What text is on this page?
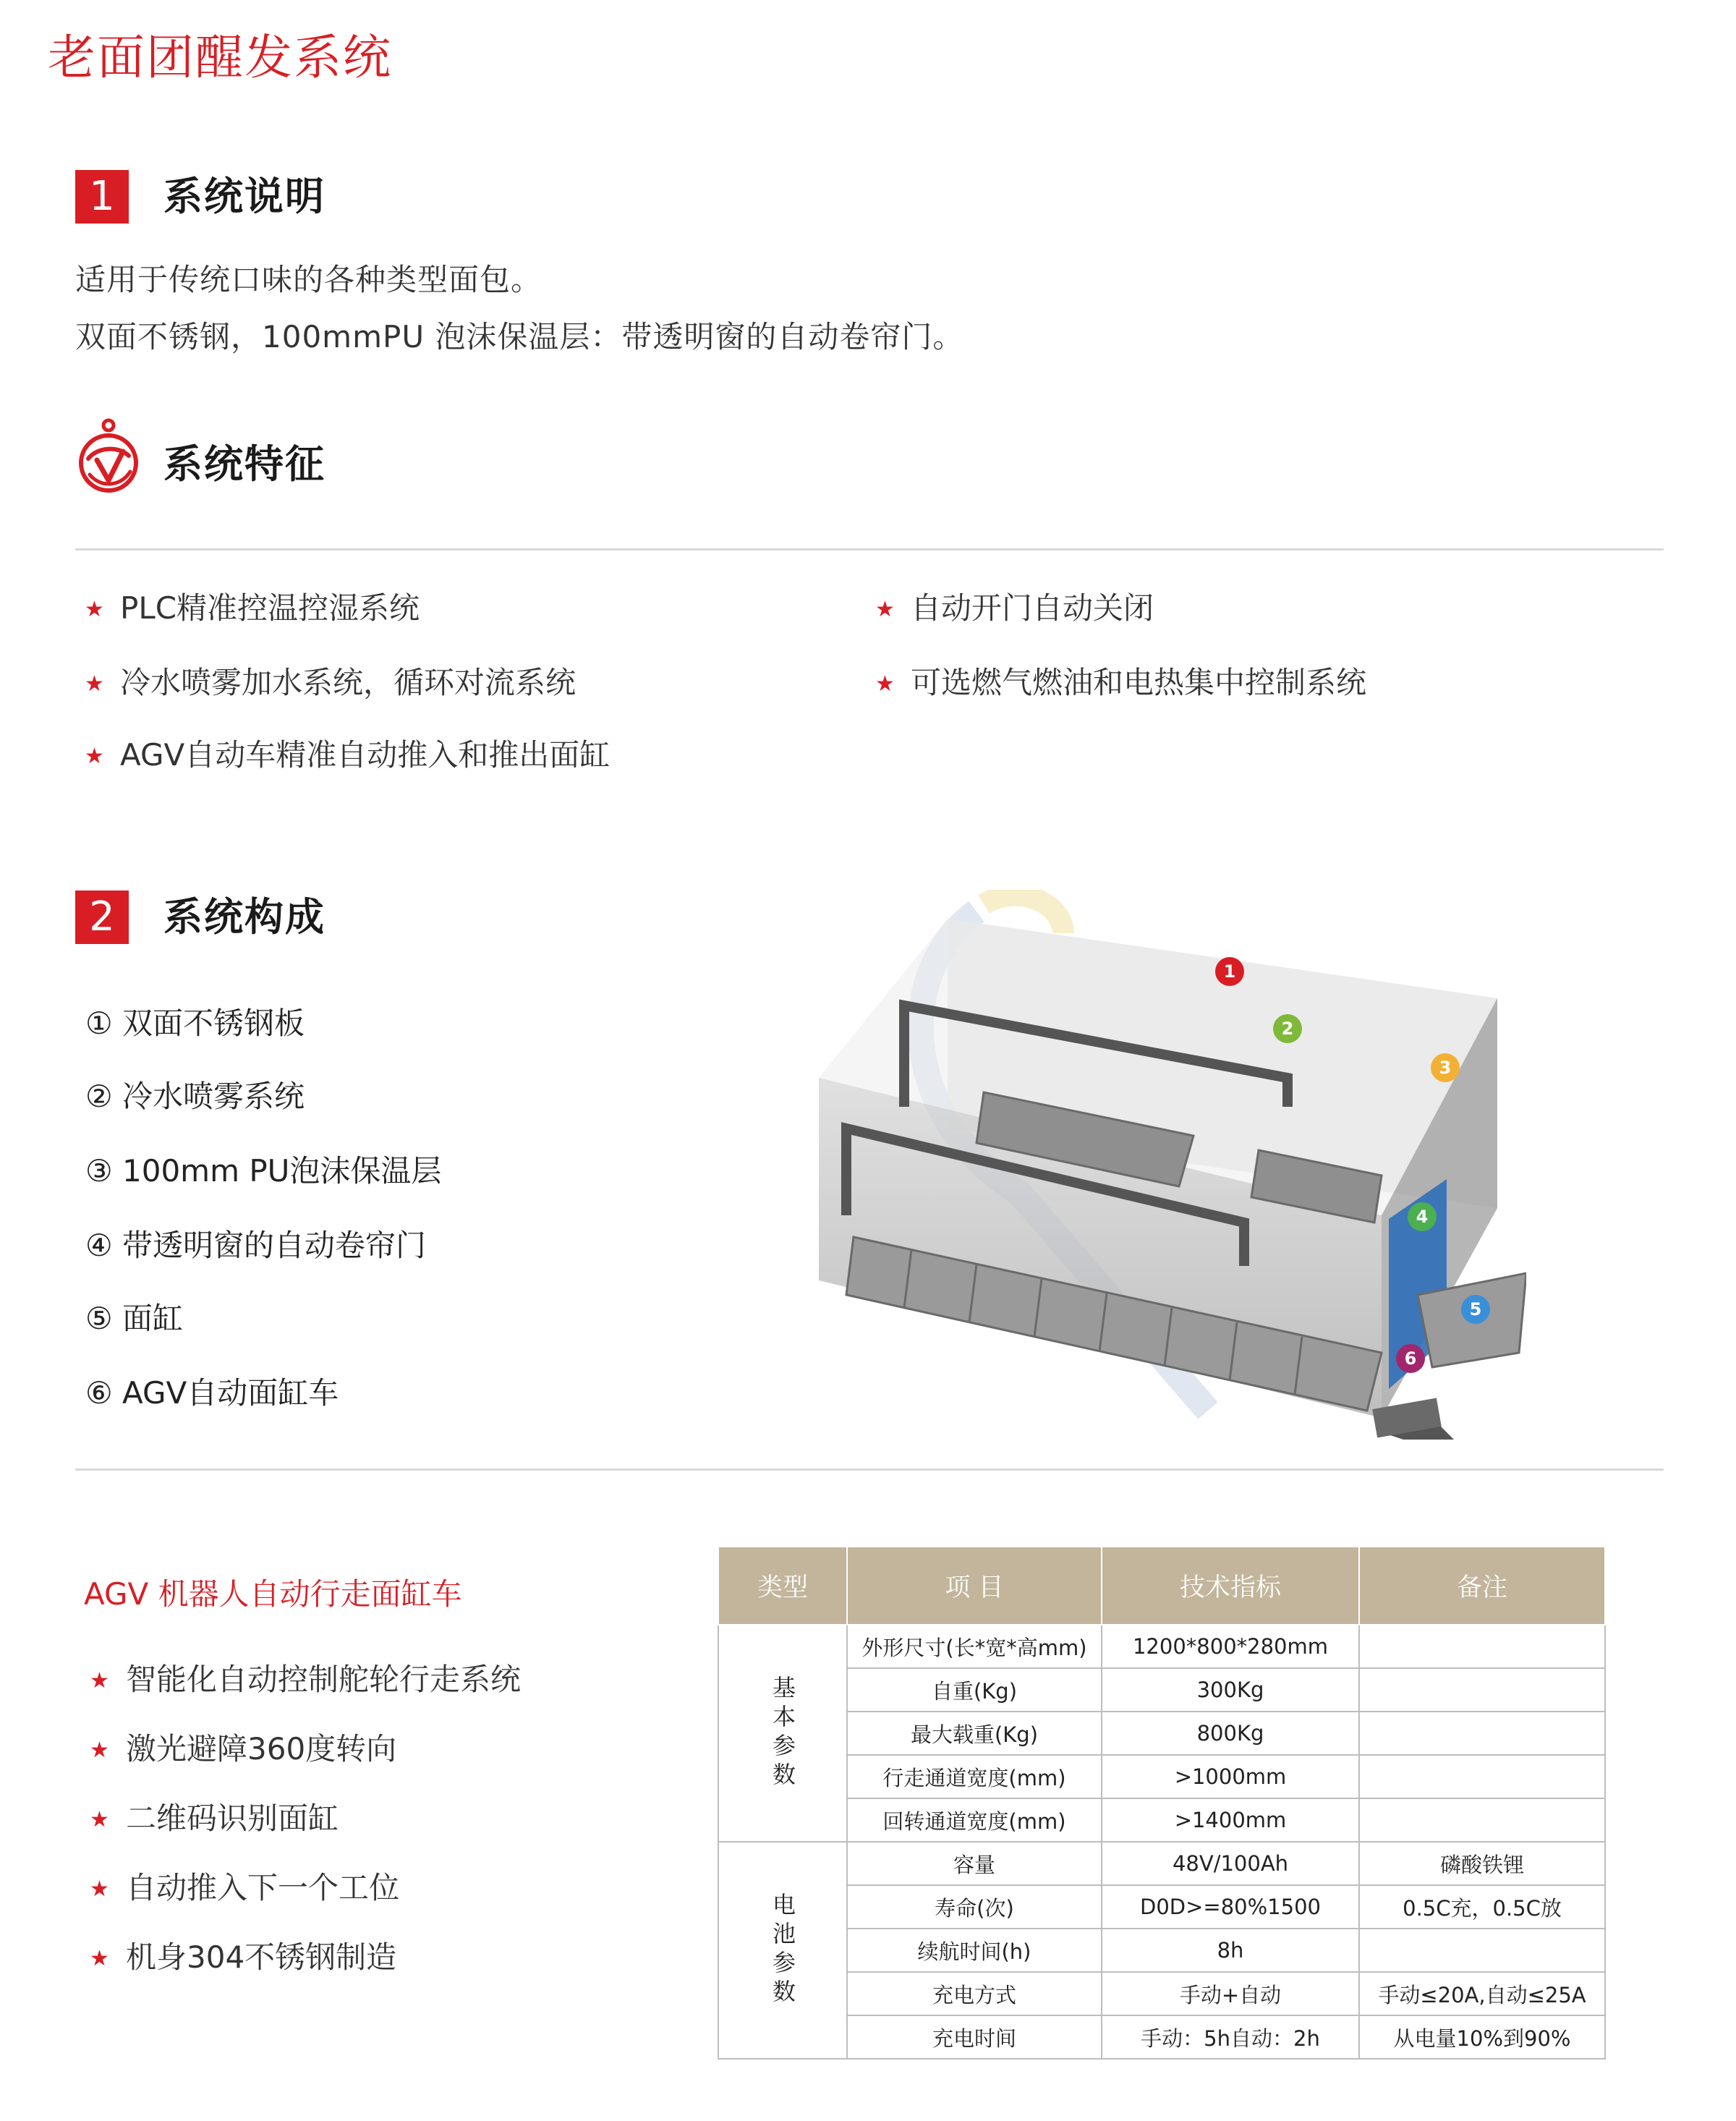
老面团醒发系统
1	系统说明
适用于传统口味的各种类型面包。
双面不锈钢，100mmPU 泡沫保温层：带透明窗的自动卷帘门。
系统特征
★ PLC精准控温控湿系统
★ 冷水喷雾加水系统，循环对流系统
★ AGV自动车精准自动推入和推出面缸
★ 自动开门自动关闭
★ 可选燃气燃油和电热集中控制系统
2	系统构成
① 双面不锈钢板
② 冷水喷雾系统
③ 100mm PU泡沫保温层
④ 带透明窗的自动卷帘门
⑤ 面缸
⑥ AGV自动面缸车
1
2
3
4
5
6
AGV 机器人自动行走面缸车
★ 智能化自动控制舵轮行走系统
★ 激光避障360度转向
★ 二维码识别面缸
★ 自动推入下一个工位
★ 机身304不锈钢制造
类型	项 目	技术指标	备注

基本参数	外形尺寸(长*宽*高mm)	1200*800*280mm	
	自重(Kg)	300Kg	
	最大载重(Kg)	800Kg	
	行走通道宽度(mm)	>1000mm	
	回转通道宽度(mm)	>1400mm	

电池参数	容量	48V/100Ah	磷酸铁锂
	寿命(次)	D0D>=80%1500	0.5C充，0.5C放
	续航时间(h)	8h	
	充电方式	手动+自动	手动≤20A,自动≤25A
	充电时间	手动：5h自动：2h	从电量10%到90%
